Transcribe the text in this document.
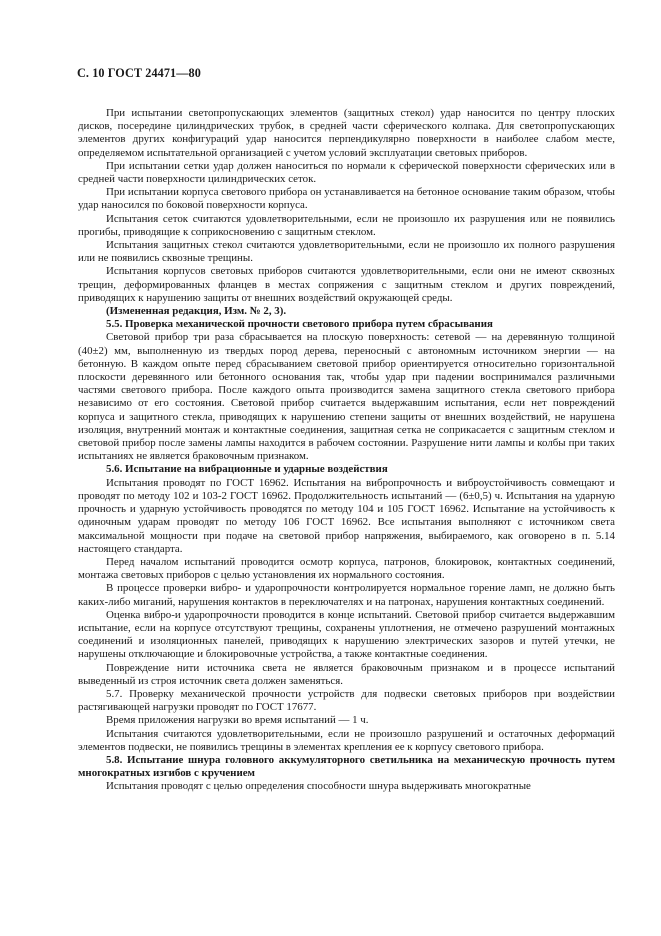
С. 10 ГОСТ 24471—80

При испытании светопропускающих элементов (защитных стекол) удар наносится по центру плоских дисков, посередине цилиндрических трубок, в средней части сферического колпака. Для светопропускающих элементов других конфигураций удар наносится перпендикулярно поверхности в наиболее слабом месте, определяемом испытательной организацией с учетом условий эксплуатации световых приборов.

При испытании сетки удар должен наноситься по нормали к сферической поверхности сферических или в средней части поверхности цилиндрических сеток.

При испытании корпуса светового прибора он устанавливается на бетонное основание таким образом, чтобы удар наносился по боковой поверхности корпуса.

Испытания сеток считаются удовлетворительными, если не произошло их разрушения или не появились прогибы, приводящие к соприкосновению с защитным стеклом.

Испытания защитных стекол считаются удовлетворительными, если не произошло их полного разрушения или не появились сквозные трещины.

Испытания корпусов световых приборов считаются удовлетворительными, если они не имеют сквозных трещин, деформированных фланцев в местах сопряжения с защитным стеклом и других повреждений, приводящих к нарушению защиты от внешних воздействий окружающей среды.

(Измененная редакция, Изм. № 2, 3).

5.5. Проверка механической прочности светового прибора путем сбрасывания

Световой прибор три раза сбрасывается на плоскую поверхность: сетевой — на деревянную толщиной (40±2) мм, выполненную из твердых пород дерева, переносный с автономным источником энергии — на бетонную. В каждом опыте перед сбрасыванием световой прибор ориентируется относительно горизонтальной плоскости деревянного или бетонного основания так, чтобы удар при падении воспринимался различными частями светового прибора. После каждого опыта производится замена защитного стекла светового прибора независимо от его состояния. Световой прибор считается выдержавшим испытания, если нет повреждений корпуса и защитного стекла, приводящих к нарушению степени защиты от внешних воздействий, не нарушена изоляция, внутренний монтаж и контактные соединения, защитная сетка не соприкасается с защитным стеклом и световой прибор после замены лампы находится в рабочем состоянии. Разрушение нити лампы и колбы при таких испытаниях не является браковочным признаком.

5.6. Испытание на вибрационные и ударные воздействия

Испытания проводят по ГОСТ 16962. Испытания на вибропрочность и виброустойчивость совмещают и проводят по методу 102 и 103-2 ГОСТ 16962. Продолжительность испытаний — (6±0,5) ч. Испытания на ударную прочность и ударную устойчивость проводятся по методу 104 и 105 ГОСТ 16962. Испытание на устойчивость к одиночным ударам проводят по методу 106 ГОСТ 16962. Все испытания выполняют с источником света максимальной мощности при подаче на световой прибор напряжения, выбираемого, как оговорено в п. 5.14 настоящего стандарта.

Перед началом испытаний проводится осмотр корпуса, патронов, блокировок, контактных соединений, монтажа световых приборов с целью установления их нормального состояния.

В процессе проверки вибро- и ударопрочности контролируется нормальное горение ламп, не должно быть каких-либо миганий, нарушения контактов в переключателях и на патронах, нарушения контактных соединений.

Оценка вибро-и ударопрочности проводится в конце испытаний. Световой прибор считается выдержавшим испытание, если на корпусе отсутствуют трещины, сохранены уплотнения, не отмечено разрушений монтажных соединений и изоляционных панелей, приводящих к нарушению электрических зазоров и путей утечки, не нарушены отключающие и блокировочные устройства, а также контактные соединения.

Повреждение нити источника света не является браковочным признаком и в процессе испытаний выведенный из строя источник света должен заменяться.

5.7. Проверку механической прочности устройств для подвески световых приборов при воздействии растягивающей нагрузки проводят по ГОСТ 17677.

Время приложения нагрузки во время испытаний — 1 ч.

Испытания считаются удовлетворительными, если не произошло разрушений и остаточных деформаций элементов подвески, не появились трещины в элементах крепления ее к корпусу светового прибора.

5.8. Испытание шнура головного аккумуляторного светильника на механическую прочность путем многократных изгибов с кручением

Испытания проводят с целью определения способности шнура выдерживать многократные
